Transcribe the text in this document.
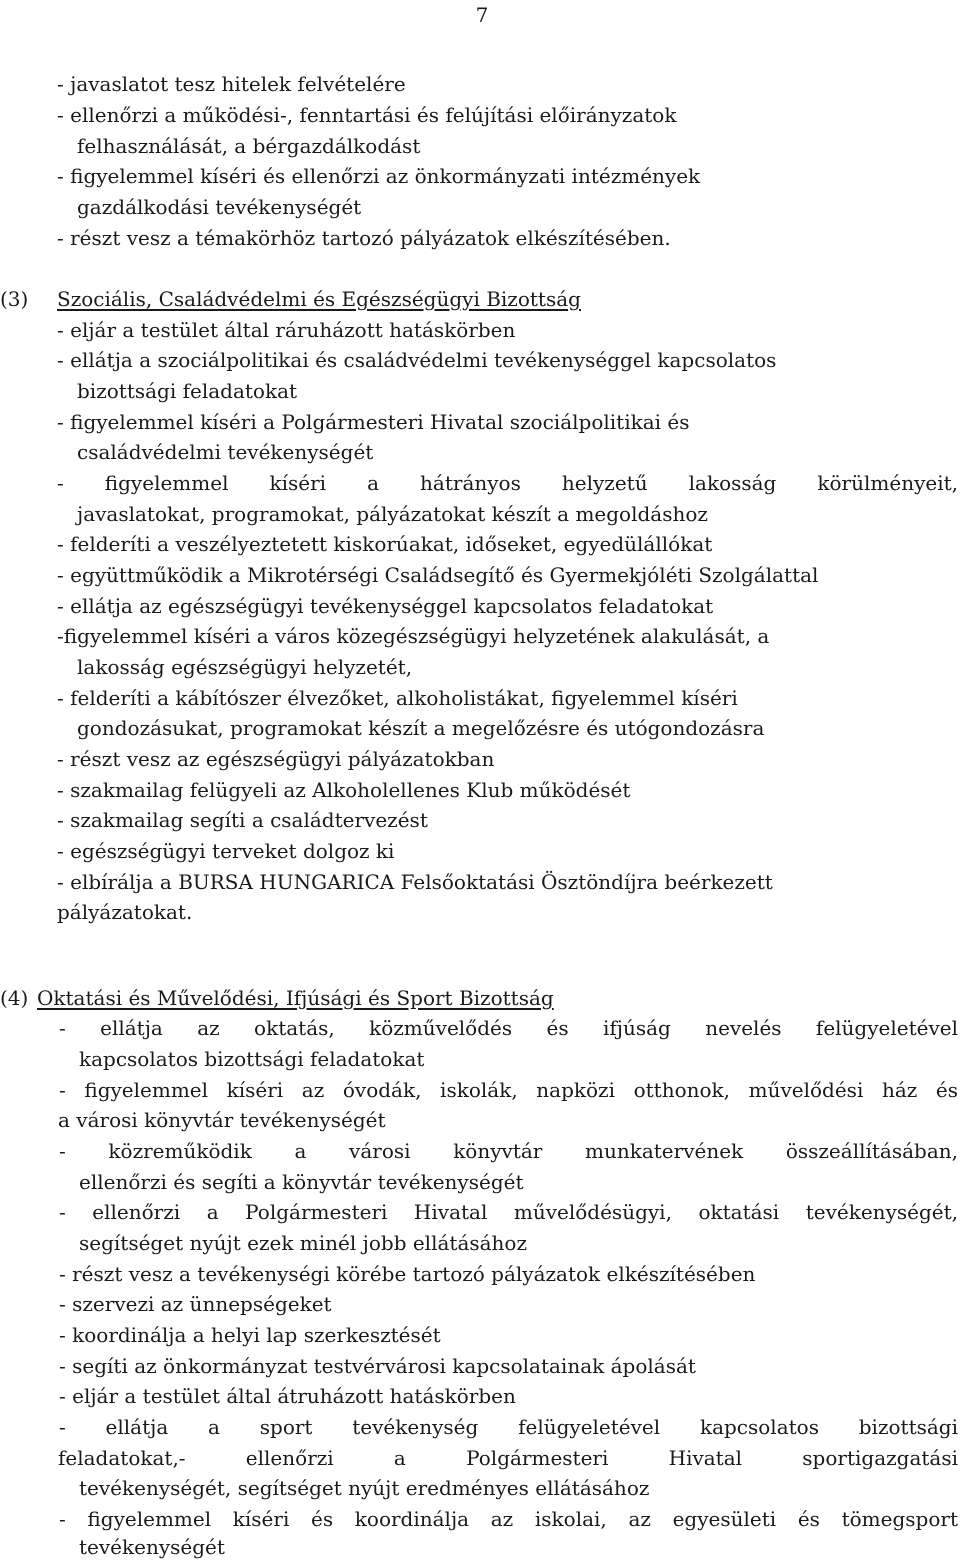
7
- javaslatot tesz hitelek felvételére
- ellenőrzi a működési-, fenntartási és felújítási előirányzatok
felhasználását, a bérgazdálkodást
- figyelemmel kíséri és ellenőrzi az önkormányzati intézmények
gazdálkodási tevékenységét
- részt vesz a témakörhöz tartozó pályázatok elkészítésében.
(3) Szociális, Családvédelmi és Egészségügyi Bizottság
- eljár a testület által ráruházott hatáskörben
- ellátja a szociálpolitikai és családvédelmi tevékenységgel kapcsolatos
bizottsági feladatokat
- figyelemmel kíséri a Polgármesteri Hivatal szociálpolitikai és
családvédelmi tevékenységét
- figyelemmel kíséri a hátrányos helyzetű lakosság körülményeit,
javaslatokat, programokat, pályázatokat készít a megoldáshoz
- felderíti a veszélyeztetett kiskorúakat, időseket, egyedülállókat
- együttműködik a Mikrotérségi Családsegítő és Gyermekjóléti Szolgálattal
- ellátja az egészségügyi tevékenységgel kapcsolatos feladatokat
-figyelemmel kíséri a város közegészségügyi helyzetének alakulását, a
lakosság egészségügyi helyzetét,
- felderíti a kábítószer élvezőket, alkoholistákat, figyelemmel kíséri
gondozásukat, programokat készít a megelőzésre és utógondozásra
- részt vesz az egészségügyi pályázatokban
- szakmailag felügyeli az Alkoholellenes Klub működését
- szakmailag segíti a családtervezést
- egészségügyi terveket dolgoz ki
- elbírálja a BURSA HUNGARICA Felsőoktatási Ösztöndíjra beérkezett
pályázatokat.
(4) Oktatási és Művelődési, Ifjúsági és Sport Bizottság
- ellátja az oktatás, közművelődés és ifjúság nevelés felügyeletével
kapcsolatos bizottsági feladatokat
- figyelemmel kíséri az óvodák, iskolák, napközi otthonok, művelődési ház és
a városi könyvtár tevékenységét
- közreműködik a városi könyvtár munkatervének összeállításában,
ellenőrzi és segíti a könyvtár tevékenységét
- ellenőrzi a Polgármesteri Hivatal művelődésügyi, oktatási tevékenységét,
segítséget nyújt ezek minél jobb ellátásához
- részt vesz a tevékenységi körébe tartozó pályázatok elkészítésében
- szervezi az ünnepségeket
- koordinálja a helyi lap szerkesztését
- segíti az önkormányzat testvérvárosi kapcsolatainak ápolását
- eljár a testület által átruházott hatáskörben
- ellátja a sport tevékenység felügyeletével kapcsolatos bizottsági
feladatokat,- ellenőrzi a Polgármesteri Hivatal sportigazgatási
tevékenységét, segítséget nyújt eredményes ellátásához
- figyelemmel kíséri és koordinálja az iskolai, az egyesületi és tömegsport
tevékenységét
